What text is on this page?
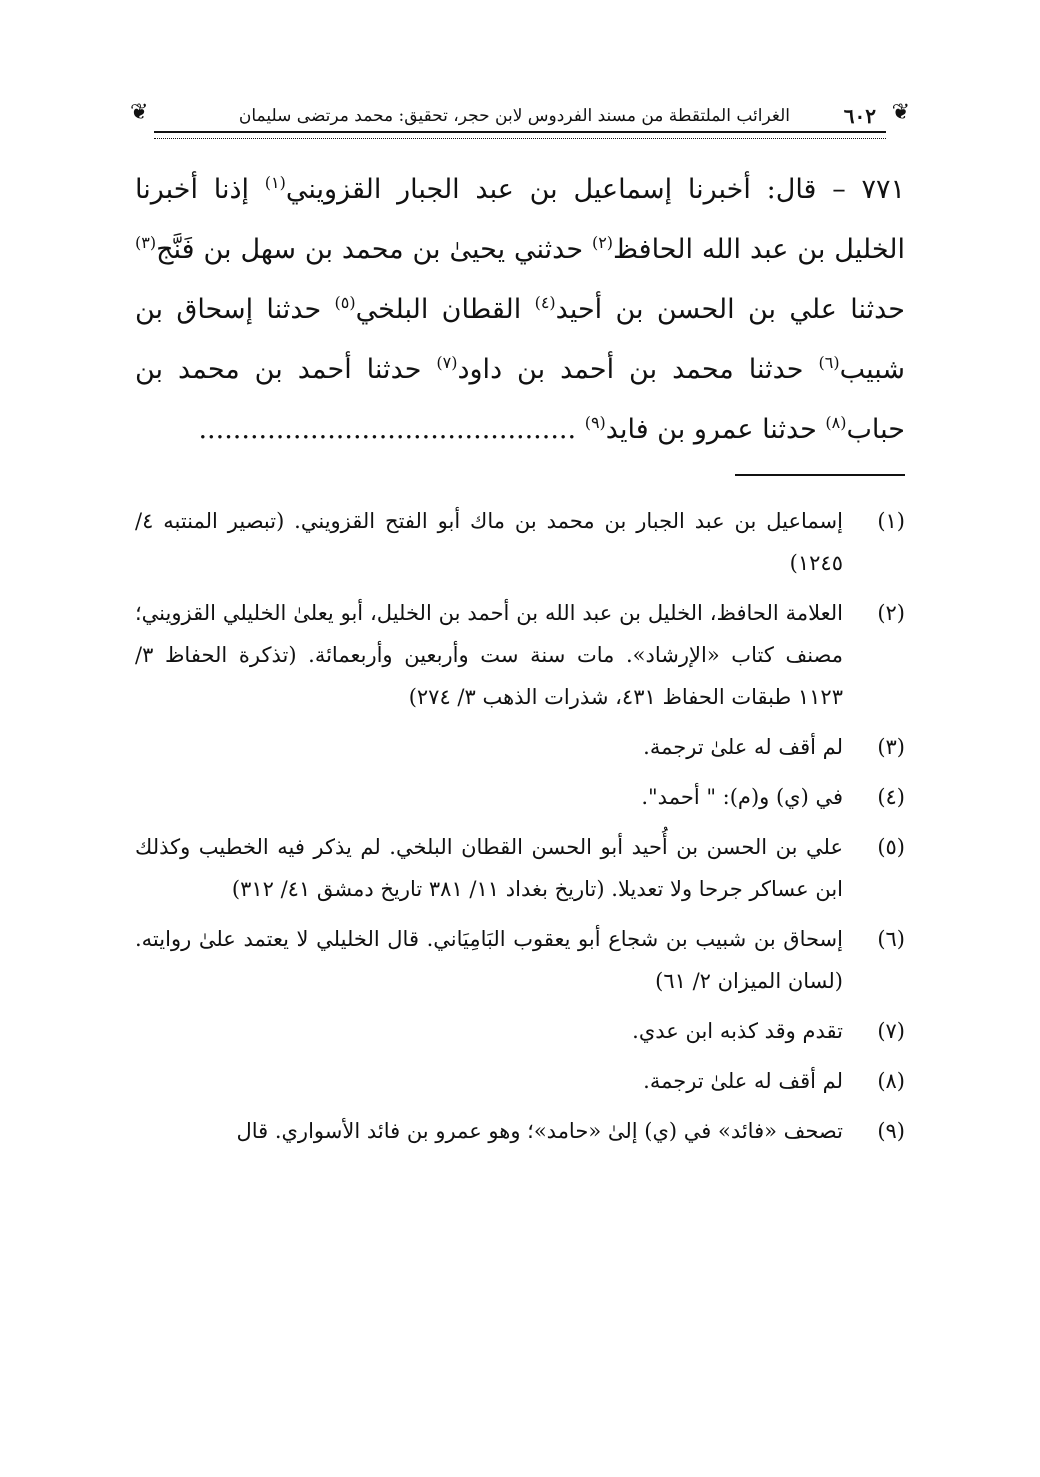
❦
٦٠٢
الغرائب الملتقطة من مسند الفردوس لابن حجر، تحقيق: محمد مرتضى سليمان
❦

٧٧١ – قال: أخبرنا إسماعيل بن عبد الجبار القزويني$^{(١)}$ إذنا أخبرنا الخليل بن عبد الله الحافظ$^{(٢)}$ حدثني يحيىٰ بن محمد بن سهل بن فَنَّج$^{(٣)}$ حدثنا علي بن الحسن بن أحيد$^{(٤)}$ القطان البلخي$^{(٥)}$ حدثنا إسحاق بن شبيب$^{(٦)}$ حدثنا محمد بن أحمد بن داود$^{(٧)}$ حدثنا أحمد بن محمد بن حباب$^{(٨)}$ حدثنا عمرو بن فايد$^{(٩)}$ ............................................

(١)
إسماعيل بن عبد الجبار بن محمد بن ماك أبو الفتح القزويني. (تبصير المنتبه ٤/ ١٢٤٥)
(٢)
العلامة الحافظ، الخليل بن عبد الله بن أحمد بن الخليل، أبو يعلىٰ الخليلي القزويني؛ مصنف كتاب «الإرشاد». مات سنة ست وأربعين وأربعمائة. (تذكرة الحفاظ ٣/ ١١٢٣ طبقات الحفاظ ٤٣١، شذرات الذهب ٣/ ٢٧٤)
(٣)
لم أقف له علىٰ ترجمة.
(٤)
في (ي) و(م): " أحمد".
(٥)
علي بن الحسن بن أُحيد أبو الحسن القطان البلخي. لم يذكر فيه الخطيب وكذلك ابن عساكر جرحا ولا تعديلا. (تاريخ بغداد ١١/ ٣٨١ تاريخ دمشق ٤١/ ٣١٢)
(٦)
إسحاق بن شبيب بن شجاع أبو يعقوب البَامِيَاني. قال الخليلي لا يعتمد علىٰ روايته. (لسان الميزان ٢/ ٦١)
(٧)
تقدم وقد كذبه ابن عدي.
(٨)
لم أقف له علىٰ ترجمة.
(٩)
تصحف «فائد» في (ي) إلىٰ «حامد»؛ وهو عمرو بن فائد الأسواري. قال
